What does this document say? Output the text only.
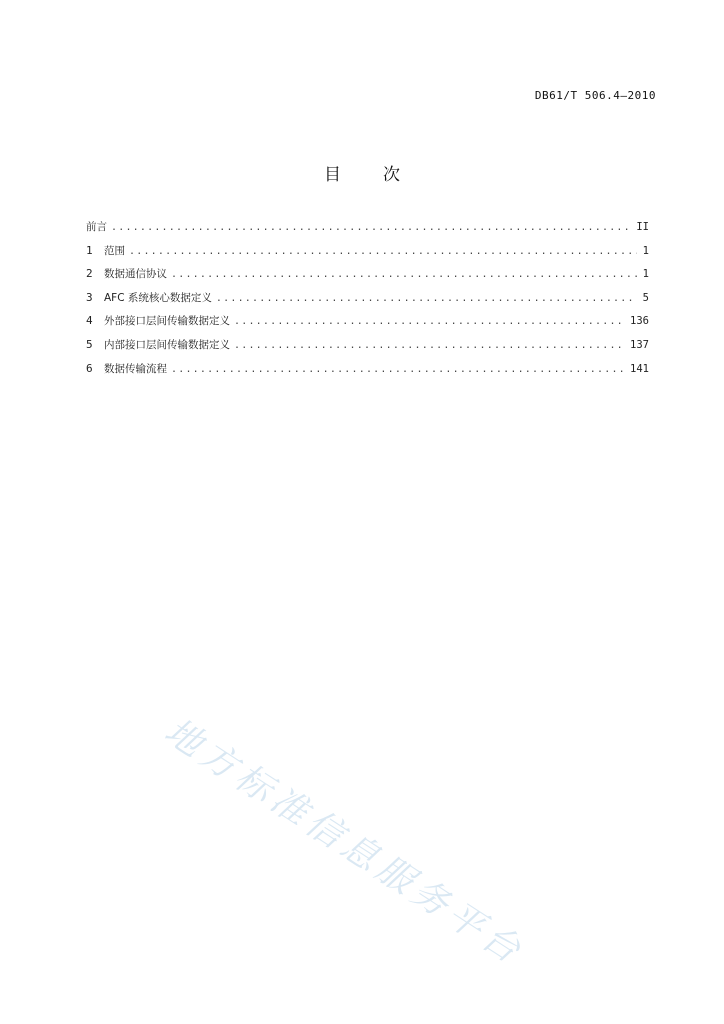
DB61/T 506.4—2010
目 次
前言 .....	II
1	范围 .....	1
2	数据通信协议 .....	1
3	AFC 系统核心数据定义 .....	5
4	外部接口层间传输数据定义 .....	136
5	内部接口层间传输数据定义 .....	137
6	数据传输流程 .....	141
地方标准信息服务平台
